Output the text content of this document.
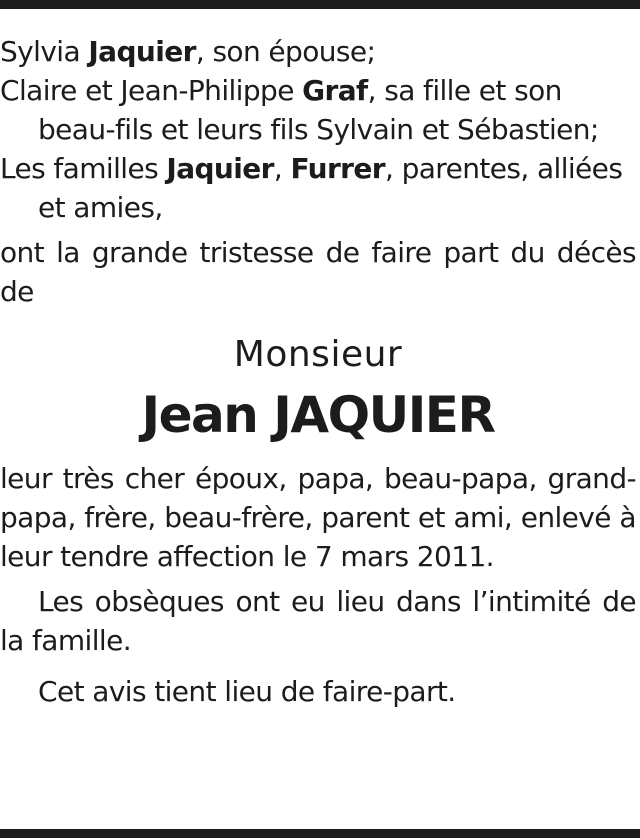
Sylvia Jaquier, son épouse;

Claire et Jean-Philippe Graf, sa fille et son beau-fils et leurs fils Sylvain et Sébastien;

Les familles Jaquier, Furrer, parentes, alliées et amies,

ont la grande tristesse de faire part du décès de

Monsieur
Jean JAQUIER

leur très cher époux, papa, beau-papa, grand-papa, frère, beau-frère, parent et ami, enlevé à leur tendre affection le 7 mars 2011.

Les obsèques ont eu lieu dans l’intimité de la famille.

Cet avis tient lieu de faire-part.
